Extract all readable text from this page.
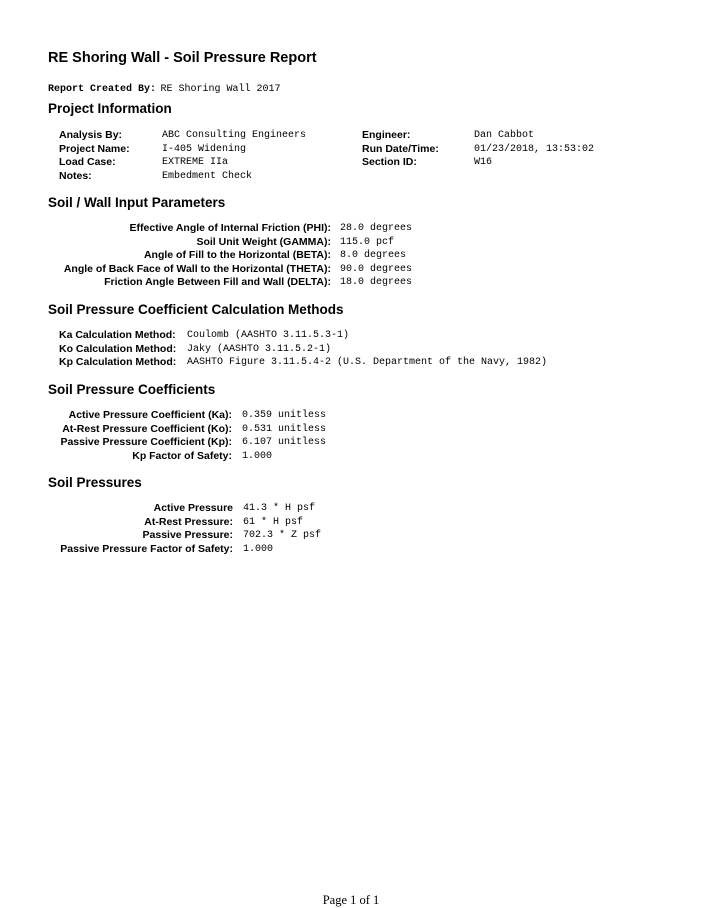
RE Shoring Wall - Soil Pressure Report
Report Created By: RE Shoring Wall 2017
Project Information
Analysis By:	ABC Consulting Engineers	Engineer:	Dan Cabbot
Project Name:	I-405 Widening	Run Date/Time:	01/23/2018, 13:53:02
Load Case:	EXTREME IIa	Section ID:	W16
Notes:	Embedment Check		
Soil / Wall Input Parameters
Effective Angle of Internal Friction (PHI):	28.0 degrees
Soil Unit Weight (GAMMA):	115.0 pcf
Angle of Fill to the Horizontal (BETA):	8.0 degrees
Angle of Back Face of Wall to the Horizontal (THETA):	90.0 degrees
Friction Angle Between Fill and Wall (DELTA):	18.0 degrees
Soil Pressure Coefficient Calculation Methods
Ka Calculation Method:	Coulomb (AASHTO 3.11.5.3-1)
Ko Calculation Method:	Jaky (AASHTO 3.11.5.2-1)
Kp Calculation Method:	AASHTO Figure 3.11.5.4-2 (U.S. Department of the Navy, 1982)
Soil Pressure Coefficients
Active Pressure Coefficient (Ka):	0.359 unitless
At-Rest Pressure Coefficient (Ko):	0.531 unitless
Passive Pressure Coefficient (Kp):	6.107 unitless
Kp Factor of Safety:	1.000
Soil Pressures
Active Pressure	41.3 * H psf
At-Rest Pressure:	61 * H psf
Passive Pressure:	702.3 * Z psf
Passive Pressure Factor of Safety:	1.000
Page 1 of 1
